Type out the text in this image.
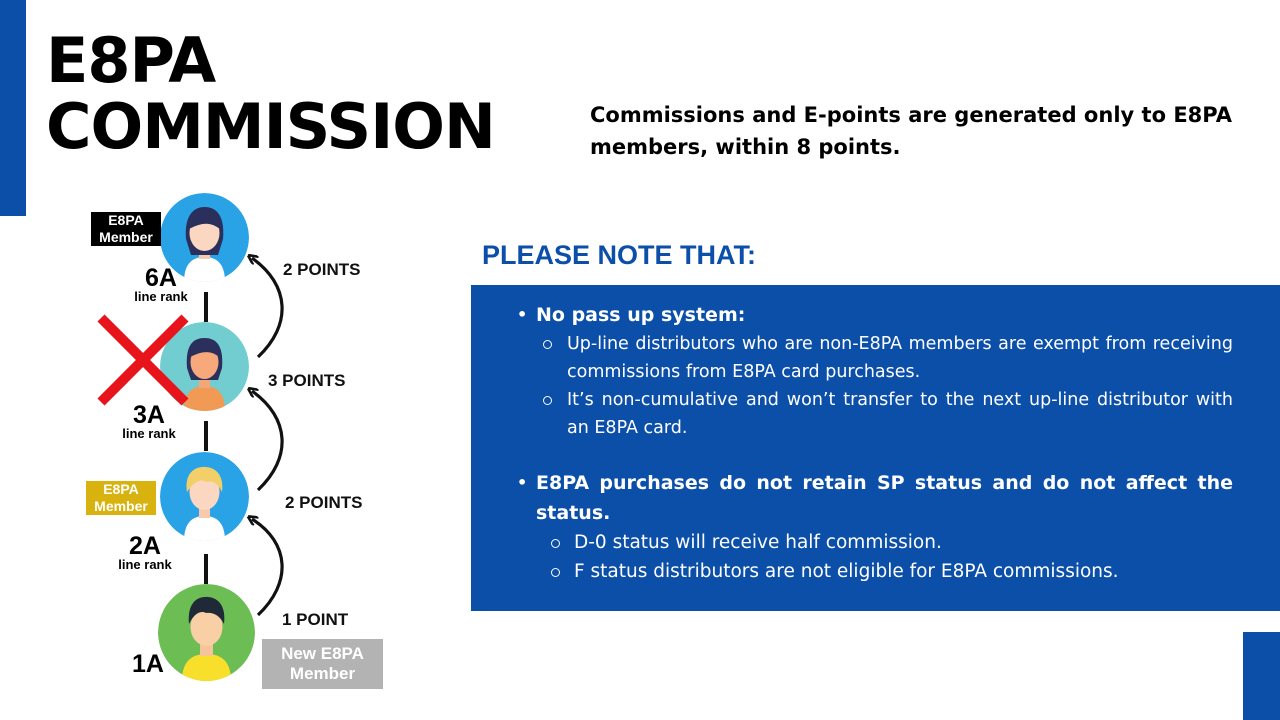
E8PA
COMMISSION	Commissions and E-points are generated only to E8PA members, within 8 points.

PLEASE NOTE THAT:
• No pass up system:
Up-line distributors who are non-E8PA members are exempt from receiving commissions from E8PA card purchases.
It’s non-cumulative and won’t transfer to the next up-line distributor with an E8PA card.
• E8PA purchases do not retain SP status and do not affect the status.
D-0 status will receive half commission.
F status distributors are not eligible for E8PA commissions.
E8PA Member
6A
line rank
2 POINTS
3A
line rank
3 POINTS
E8PA Member
2A
line rank
2 POINTS
1A
1 POINT
New E8PA Member
